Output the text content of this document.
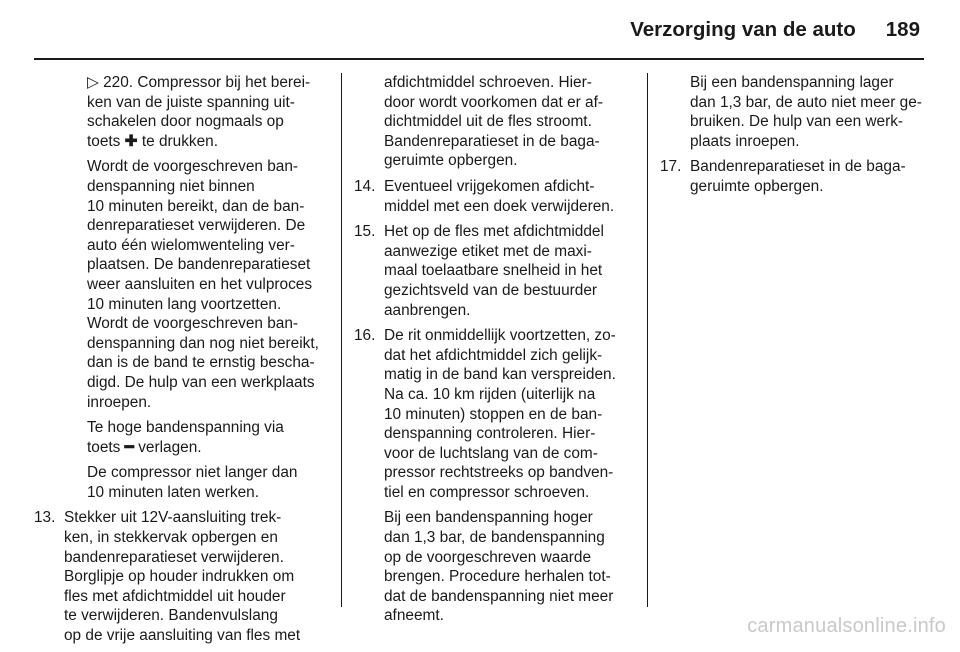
Verzorging van de auto 189
▷ 220. Compressor bij het berei-
ken van de juiste spanning uit-
schakelen door nogmaals op
toets ✚ te drukken.
Wordt de voorgeschreven ban-
denspanning niet binnen
10 minuten bereikt, dan de ban-
denreparatieset verwijderen. De
auto één wielomwenteling ver-
plaatsen. De bandenreparatieset
weer aansluiten en het vulproces
10 minuten lang voortzetten.
Wordt de voorgeschreven ban-
denspanning dan nog niet bereikt,
dan is de band te ernstig bescha-
digd. De hulp van een werkplaats
inroepen.
Te hoge bandenspanning via
toets ━ verlagen.
De compressor niet langer dan
10 minuten laten werken.
13. Stekker uit 12V-aansluiting trek-
ken, in stekkervak opbergen en
bandenreparatieset verwijderen.
Borglipje op houder indrukken om
fles met afdichtmiddel uit houder
te verwijderen. Bandenvulslang
op de vrije aansluiting van fles met
afdichtmiddel schroeven. Hier-
door wordt voorkomen dat er af-
dichtmiddel uit de fles stroomt.
Bandenreparatieset in de baga-
geruimte opbergen.
14. Eventueel vrijgekomen afdicht-
middel met een doek verwijderen.
15. Het op de fles met afdichtmiddel
aanwezige etiket met de maxi-
maal toelaatbare snelheid in het
gezichtsveld van de bestuurder
aanbrengen.
16. De rit onmiddellijk voortzetten, zo-
dat het afdichtmiddel zich gelijk-
matig in de band kan verspreiden.
Na ca. 10 km rijden (uiterlijk na
10 minuten) stoppen en de ban-
denspanning controleren. Hier-
voor de luchtslang van de com-
pressor rechtstreeks op bandven-
tiel en compressor schroeven.
Bij een bandenspanning hoger
dan 1,3 bar, de bandenspanning
op de voorgeschreven waarde
brengen. Procedure herhalen tot-
dat de bandenspanning niet meer
afneemt.
Bij een bandenspanning lager
dan 1,3 bar, de auto niet meer ge-
bruiken. De hulp van een werk-
plaats inroepen.
17. Bandenreparatieset in de baga-
geruimte opbergen.
carmanualsonline.info
